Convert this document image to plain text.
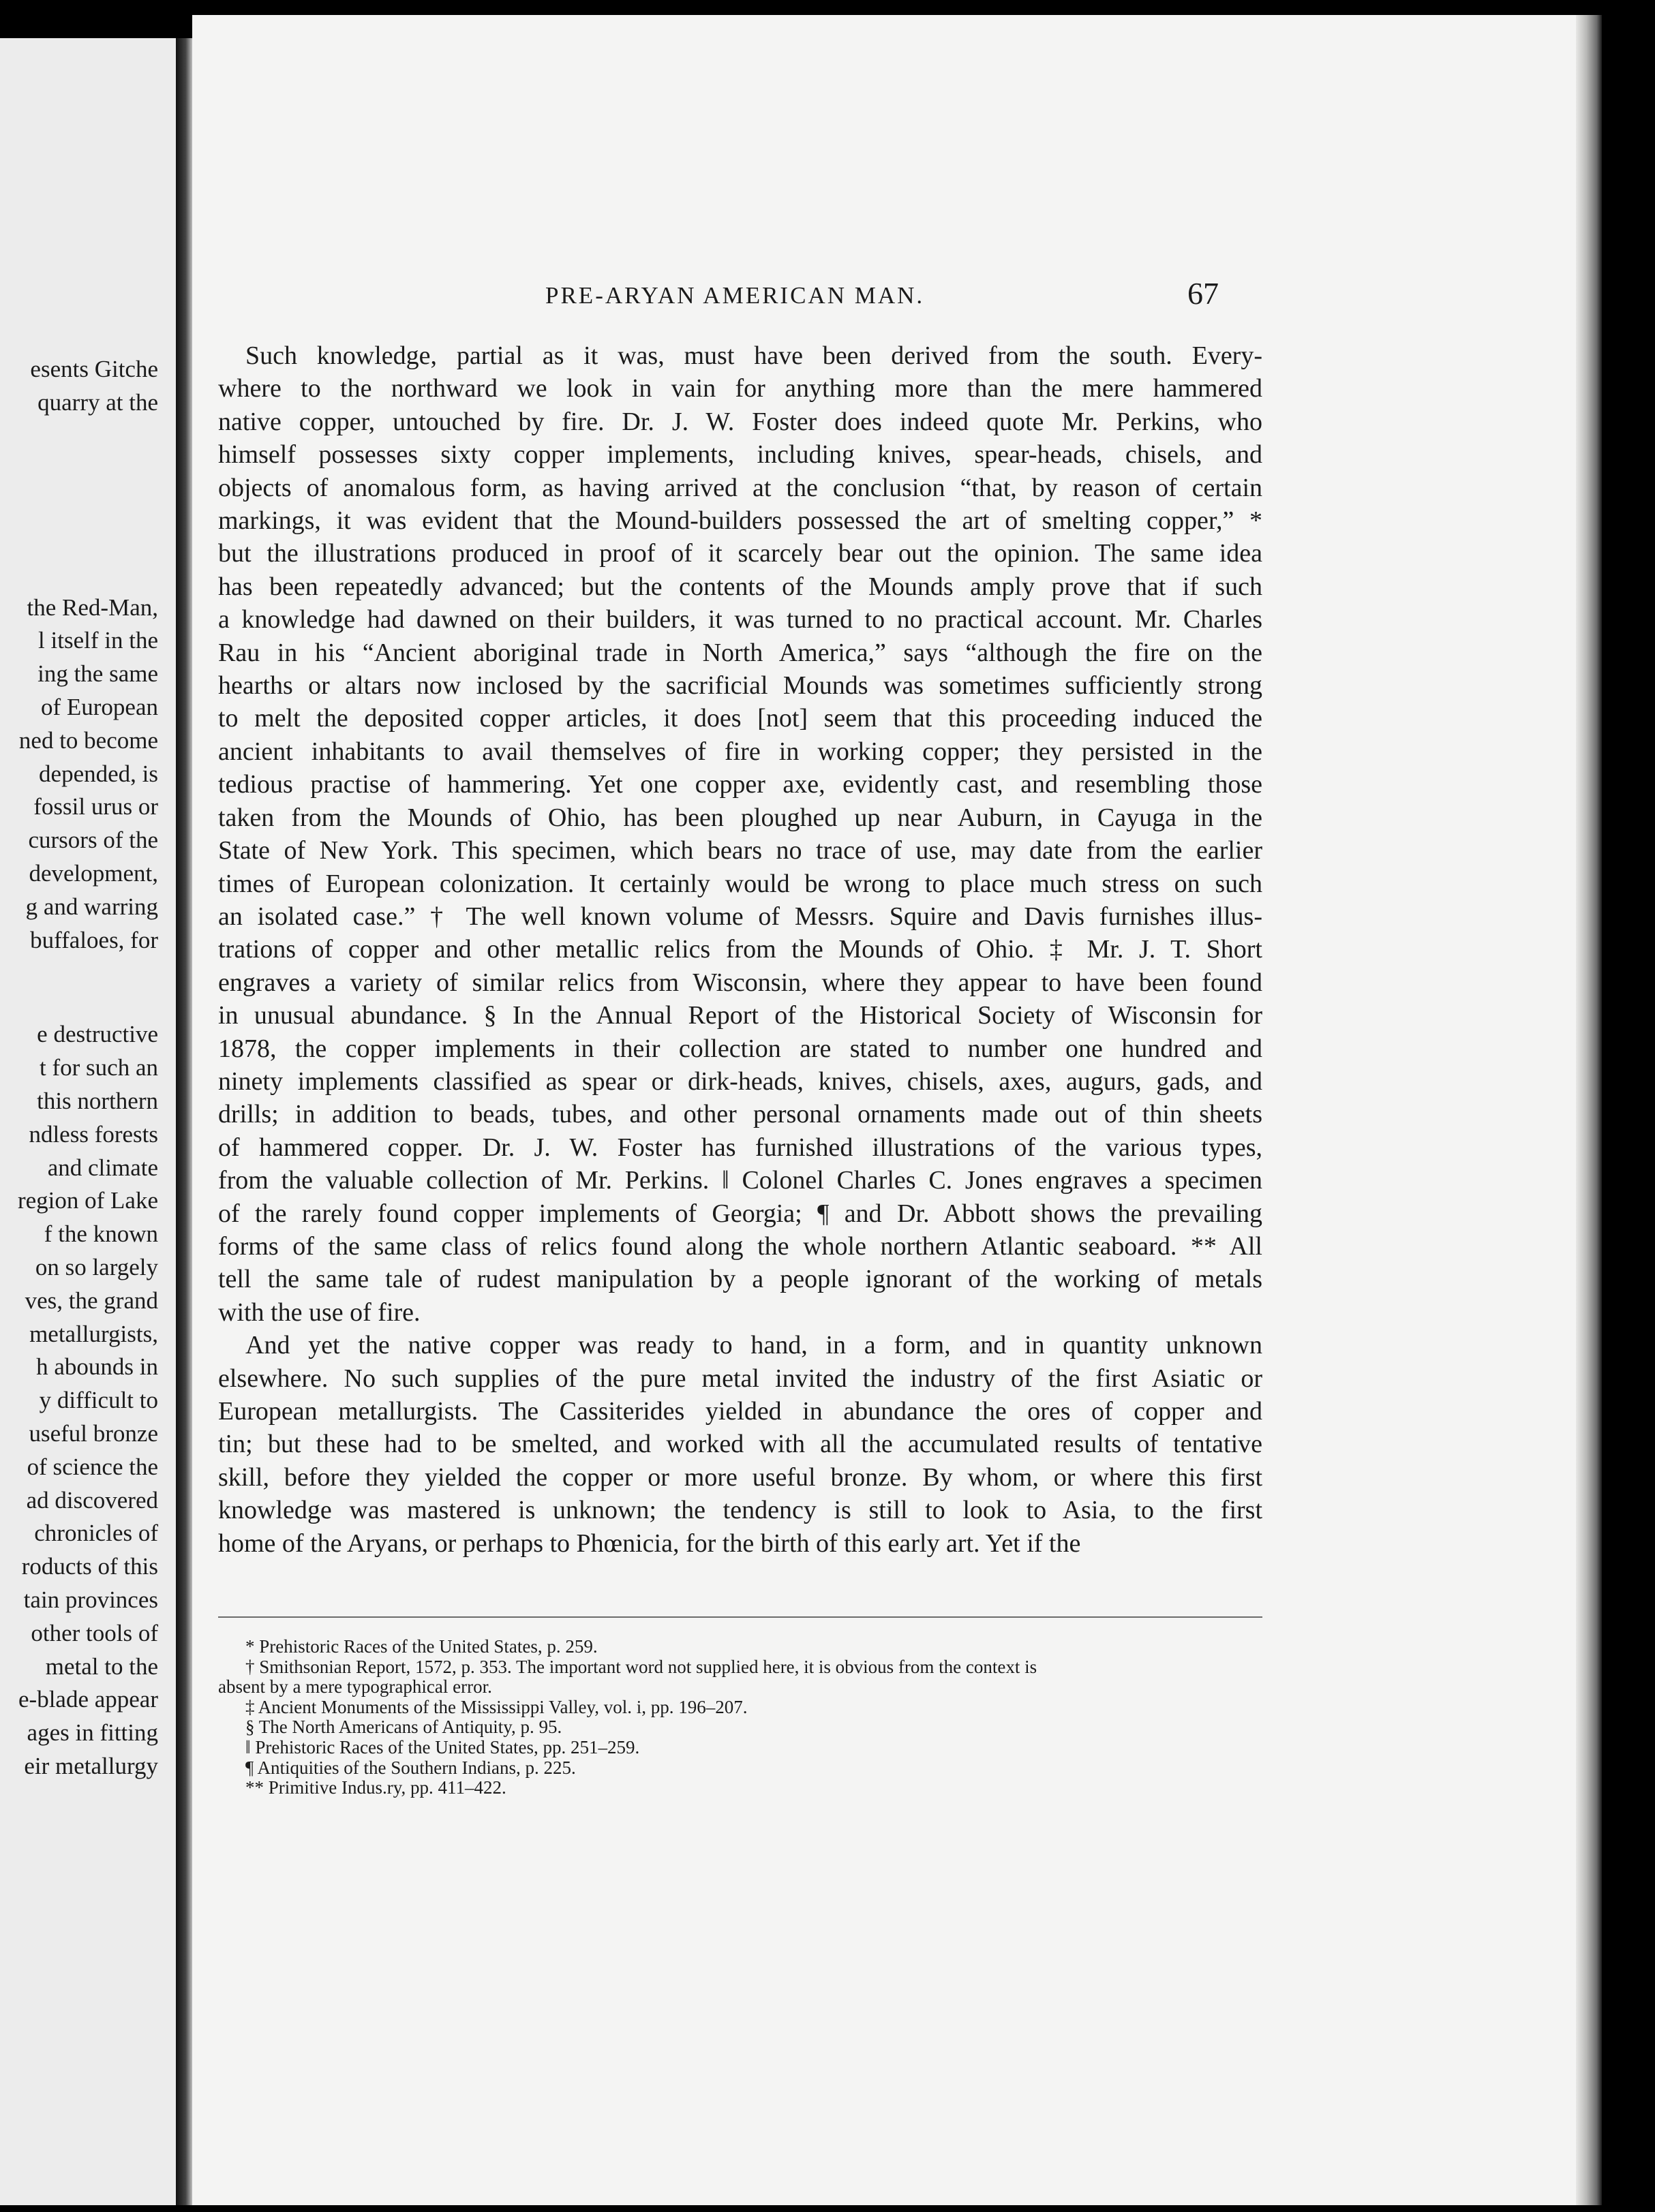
esents Gitche
quarry at the
the Red-Man,
l itself in the
ing the same
of European
ned to become
depended, is
fossil urus or
cursors of the
development,
g and warring
buffaloes, for
e destructive
t for such an
this northern
ndless forests
and climate
region of Lake
f the known
on so largely
ves, the grand
metallurgists,
h abounds in
y difficult to
useful bronze
of science the
ad discovered
chronicles of
roducts of this
tain provinces
other tools of
metal to the
e-blade appear
ages in fitting
eir metallurgy
PRE-ARYAN AMERICAN MAN.	67
Such knowledge, partial as it was, must have been derived from the south. Every-
where to the northward we look in vain for anything more than the mere hammered
native copper, untouched by fire. Dr. J. W. Foster does indeed quote Mr. Perkins, who
himself possesses sixty copper implements, including knives, spear-heads, chisels, and
objects of anomalous form, as having arrived at the conclusion “that, by reason of certain
markings, it was evident that the Mound-builders possessed the art of smelting copper,” *
but the illustrations produced in proof of it scarcely bear out the opinion. The same idea
has been repeatedly advanced; but the contents of the Mounds amply prove that if such
a knowledge had dawned on their builders, it was turned to no practical account. Mr. Charles
Rau in his “Ancient aboriginal trade in North America,” says “although the fire on the
hearths or altars now inclosed by the sacrificial Mounds was sometimes sufficiently strong
to melt the deposited copper articles, it does [not] seem that this proceeding induced the
ancient inhabitants to avail themselves of fire in working copper; they persisted in the
tedious practise of hammering. Yet one copper axe, evidently cast, and resembling those
taken from the Mounds of Ohio, has been ploughed up near Auburn, in Cayuga in the
State of New York. This specimen, which bears no trace of use, may date from the earlier
times of European colonization. It certainly would be wrong to place much stress on such
an isolated case.” † The well known volume of Messrs. Squire and Davis furnishes illus-
trations of copper and other metallic relics from the Mounds of Ohio. ‡ Mr. J. T. Short
engraves a variety of similar relics from Wisconsin, where they appear to have been found
in unusual abundance. § In the Annual Report of the Historical Society of Wisconsin for
1878, the copper implements in their collection are stated to number one hundred and
ninety implements classified as spear or dirk-heads, knives, chisels, axes, augurs, gads, and
drills; in addition to beads, tubes, and other personal ornaments made out of thin sheets
of hammered copper. Dr. J. W. Foster has furnished illustrations of the various types,
from the valuable collection of Mr. Perkins. ‖ Colonel Charles C. Jones engraves a specimen
of the rarely found copper implements of Georgia; ¶ and Dr. Abbott shows the prevailing
forms of the same class of relics found along the whole northern Atlantic seaboard. ** All
tell the same tale of rudest manipulation by a people ignorant of the working of metals
with the use of fire.
And yet the native copper was ready to hand, in a form, and in quantity unknown
elsewhere. No such supplies of the pure metal invited the industry of the first Asiatic or
European metallurgists. The Cassiterides yielded in abundance the ores of copper and
tin; but these had to be smelted, and worked with all the accumulated results of tentative
skill, before they yielded the copper or more useful bronze. By whom, or where this first
knowledge was mastered is unknown; the tendency is still to look to Asia, to the first
home of the Aryans, or perhaps to Phœnicia, for the birth of this early art. Yet if the
* Prehistoric Races of the United States, p. 259.
† Smithsonian Report, 1572, p. 353. The important word not supplied here, it is obvious from the context is
absent by a mere typographical error.
‡ Ancient Monuments of the Mississippi Valley, vol. i, pp. 196–207.
§ The North Americans of Antiquity, p. 95.
‖ Prehistoric Races of the United States, pp. 251–259.
¶ Antiquities of the Southern Indians, p. 225.
** Primitive Indus.ry, pp. 411–422.
